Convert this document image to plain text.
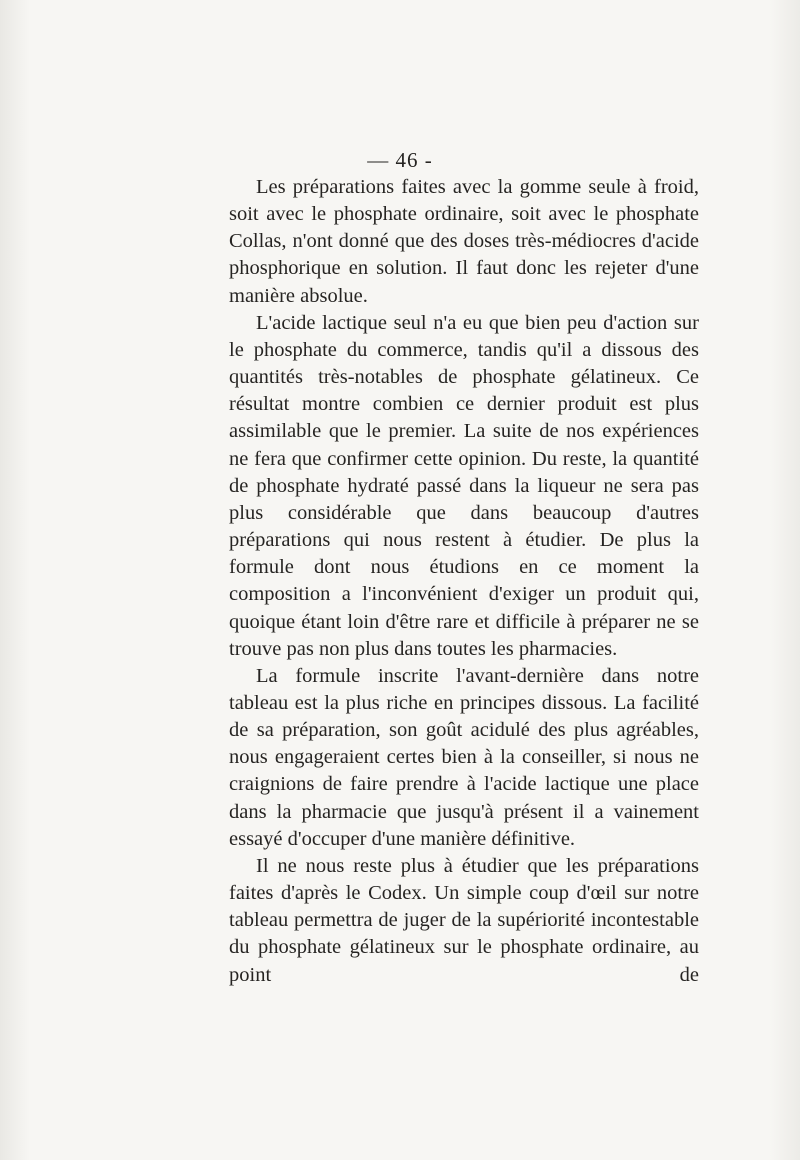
— 46 -

Les préparations faites avec la gomme seule à froid, soit avec le phosphate ordinaire, soit avec le phosphate Collas, n'ont donné que des doses très-médiocres d'acide phosphorique en solution. Il faut donc les rejeter d'une manière absolue.

L'acide lactique seul n'a eu que bien peu d'action sur le phosphate du commerce, tandis qu'il a dissous des quantités très-notables de phosphate gélatineux. Ce résultat montre combien ce dernier produit est plus assimilable que le premier. La suite de nos expériences ne fera que confirmer cette opinion. Du reste, la quantité de phosphate hydraté passé dans la liqueur ne sera pas plus considérable que dans beaucoup d'autres préparations qui nous restent à étudier. De plus la formule dont nous étudions en ce moment la composition a l'inconvénient d'exiger un produit qui, quoique étant loin d'être rare et difficile à préparer ne se trouve pas non plus dans toutes les pharmacies.

La formule inscrite l'avant-dernière dans notre tableau est la plus riche en principes dissous. La facilité de sa préparation, son goût acidulé des plus agréables, nous engageraient certes bien à la conseiller, si nous ne craignions de faire prendre à l'acide lactique une place dans la pharmacie que jusqu'à présent il a vainement essayé d'occuper d'une manière définitive.

Il ne nous reste plus à étudier que les préparations faites d'après le Codex. Un simple coup d'œil sur notre tableau permettra de juger de la supériorité incontestable du phosphate gélatineux sur le phosphate ordinaire, au point de
